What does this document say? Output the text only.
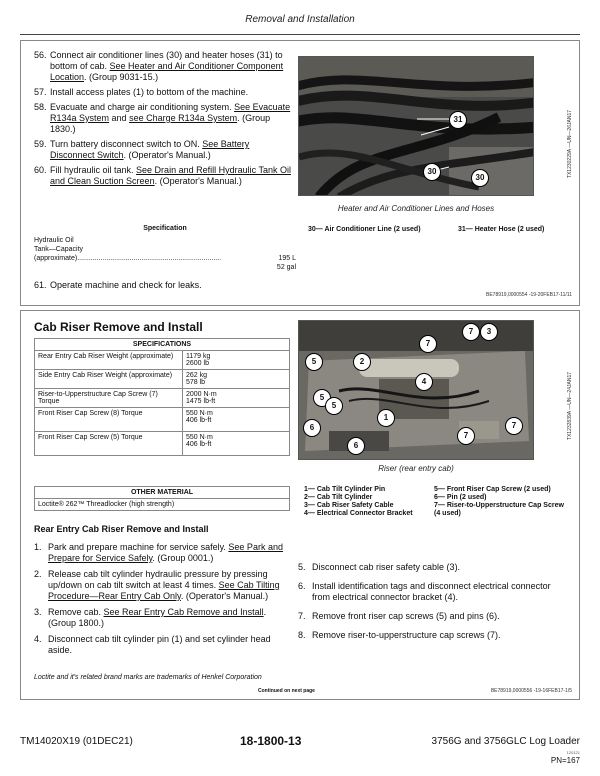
Removal and Installation
56. Connect air conditioner lines (30) and heater hoses (31) to bottom of cab. See Heater and Air Conditioner Component Location. (Group 9031-15.)
57. Install access plates (1) to bottom of the machine.
58. Evacuate and charge air conditioning system. See Evacuate R134a System and see Charge R134a System. (Group 1830.)
59. Turn battery disconnect switch to ON. See Battery Disconnect Switch. (Operator's Manual.)
60. Fill hydraulic oil tank. See Drain and Refill Hydraulic Tank Oil and Clean Suction Screen. (Operator's Manual.)
Specification
Hydraulic Oil
Tank—Capacity
(approximate) ..........................................................................	195 L
52 gal
61. Operate machine and check for leaks.
31
30
30	TX1230229A —UN—26JAN17
Heater and Air Conditioner Lines and Hoses
30— Air Conditioner Line (2 used)	31— Heater Hose (2 used)
BE78919,0000554 -19-20FEB17-11/11
Cab Riser Remove and Install
SPECIFICATIONS	
Rear Entry Cab Riser Weight (approximate)	1179 kg
2600 lb
Side Entry Cab Riser Weight (approximate)	262 kg
578 lb
Riser-to-Upperstructure Cap Screw (7) Torque	2000 N·m
1475 lb-ft
Front Riser Cap Screw (8) Torque	550 N·m
406 lb-ft
Front Riser Cap Screw (5) Torque	550 N·m
406 lb-ft
OTHER MATERIAL
Loctite® 262™ Threadlocker (high strength)
Rear Entry Cab Riser Remove and Install
1. Park and prepare machine for service safely. See Park and Prepare for Service Safely. (Group 0001.)
2. Release cab tilt cylinder hydraulic pressure by pressing up/down on cab tilt switch at least 4 times. See Cab Tilting Procedure—Rear Entry Cab Only. (Operator's Manual.)
3. Remove cab. See Rear Entry Cab Remove and Install. (Group 1800.)
4. Disconnect cab tilt cylinder pin (1) and set cylinder head aside.
7	3
5	2
7
4
5
5
1
6
6
7
7	TX1232839A —UN—24JAN17
Riser (rear entry cab)
1— Cab Tilt Cylinder Pin
2— Cab Tilt Cylinder
3— Cab Riser Safety Cable
4— Electrical Connector Bracket
5— Front Riser Cap Screw (2 used)
6— Pin (2 used)
7— Riser-to-Upperstructure Cap Screw (4 used)
5. Disconnect cab riser safety cable (3).
6. Install identification tags and disconnect electrical connector from electrical connector bracket (4).
7. Remove front riser cap screws (5) and pins (6).
8. Remove riser-to-upperstructure cap screws (7).
Loctite and it's related brand marks are trademarks of Henkel Corporation
Continued on next page	BE78919,0000556 -19-16FEB17-1/5
TM14020X19 (01DEC21)	18-1800-13	3756G and 3756GLC Log Loader
120121
PN=167
